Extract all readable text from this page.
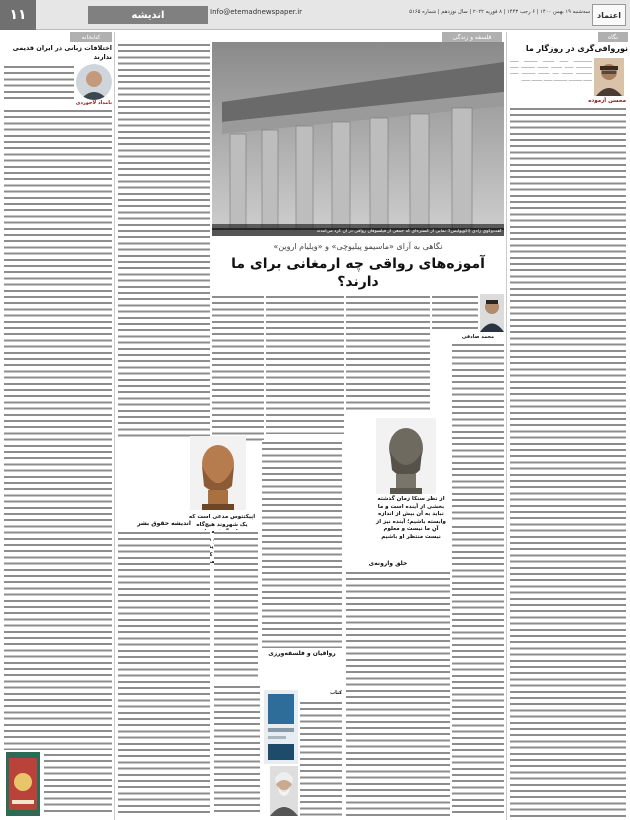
۱۱	اندیشه	Info@etemadnewspaper.ir	سه‌شنبه ۱۹ بهمن ۱۴۰۰ | ۶ رجب ۱۴۴۳ | ۸ فوریه ۲۰۲۲ | سال نوزدهم | شماره ۵۱۶۵ اعتماد
نگاه
فلسفه و زندگی
کتابخانه
نوروافی‌گری در روزگار ما
محسن آزموده
ـــــــــــــــ ـــــــ ـــــــــ ـــــــــــ ـــــــ ـــــــــــــ ـــــــ ـــــــــ ـــــــــ ـــــــــــ ـــــــ ـــــــــــــ ـــــــــ ـــــ ـــــــــ ـــــــــــ ـــــــ ـــــــ ـــــــــــ ـــــــــــ ـــــــ ـــــــــ ـــــــ
اختلافات زبانی در ایران قدیمی ندارند
بامداد لاجوردی
گفت‌وگوی زادی (آکوپولیس)؛ نمایی از گستره‌ای که جمعی از فیلسوفان رواقی در آن گرد می‌آمدند
نگاهی به آرای «ماسیمو پیلیوچی» و «ویلیام اروین»
آموزه‌های رواقی چه ارمغانی برای ما دارند؟
محمد صادقی
از نظر سنکا زمان گذشته بخشی از آینده است و ما نباید به آن بیش از اندازه وابسته باشیم؛ آینده نیز از آنِ ما نیست و معلوم نیست منتظر او باشیم
اپیکتتوس مدعی است که یک شهروند هیچ‌گاه برنمی‌آید
اندیشه حقوق بشر
خلق وارونه‌ی
رواقیان و فلسفه‌ورزی
کتاب
